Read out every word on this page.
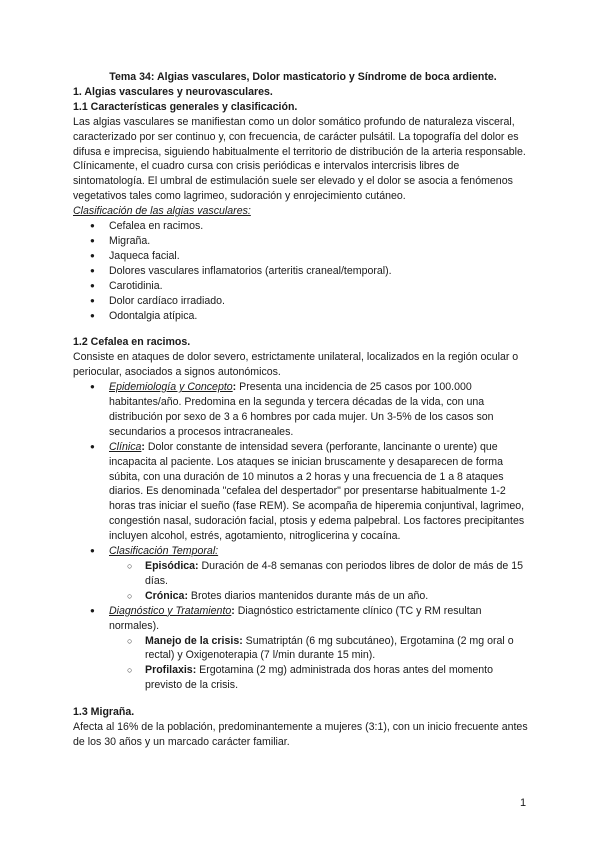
Tema 34: Algias vasculares, Dolor masticatorio y Síndrome de boca ardiente.
1. Algias vasculares y neurovasculares.
1.1 Características generales y clasificación.

Las algias vasculares se manifiestan como un dolor somático profundo de naturaleza visceral, caracterizado por ser continuo y, con frecuencia, de carácter pulsátil. La topografía del dolor es difusa e imprecisa, siguiendo habitualmente el territorio de distribución de la arteria responsable. Clínicamente, el cuadro cursa con crisis periódicas e intervalos intercrisis libres de sintomatología. El umbral de estimulación suele ser elevado y el dolor se asocia a fenómenos vegetativos tales como lagrimeo, sudoración y enrojecimiento cutáneo.

Clasificación de las algias vasculares:
● Cefalea en racimos.
● Migraña.
● Jaqueca facial.
● Dolores vasculares inflamatorios (arteritis craneal/temporal).
● Carotidinia.
● Dolor cardíaco irradiado.
● Odontalgia atípica.
1.2 Cefalea en racimos.

Consiste en ataques de dolor severo, estrictamente unilateral, localizados en la región ocular o periocular, asociados a signos autonómicos.

● Epidemiología y Concepto: Presenta una incidencia de 25 casos por 100.000 habitantes/año. Predomina en la segunda y tercera décadas de la vida, con una distribución por sexo de 3 a 6 hombres por cada mujer. Un 3-5% de los casos son secundarios a procesos intracraneales.
● Clínica: Dolor constante de intensidad severa (perforante, lancinante o urente) que incapacita al paciente. Los ataques se inician bruscamente y desaparecen de forma súbita, con una duración de 10 minutos a 2 horas y una frecuencia de 1 a 8 ataques diarios. Es denominada "cefalea del despertador" por presentarse habitualmente 1-2 horas tras iniciar el sueño (fase REM). Se acompaña de hiperemia conjuntival, lagrimeo, congestión nasal, sudoración facial, ptosis y edema palpebral. Los factores precipitantes incluyen alcohol, estrés, agotamiento, nitroglicerina y cocaína.
● Clasificación Temporal:
○ Episódica: Duración de 4-8 semanas con periodos libres de dolor de más de 15 días.
○ Crónica: Brotes diarios mantenidos durante más de un año.
● Diagnóstico y Tratamiento: Diagnóstico estrictamente clínico (TC y RM resultan normales).
○ Manejo de la crisis: Sumatriptán (6 mg subcutáneo), Ergotamina (2 mg oral o rectal) y Oxigenoterapia (7 l/min durante 15 min).
○ Profilaxis: Ergotamina (2 mg) administrada dos horas antes del momento previsto de la crisis.
1.3 Migraña.

Afecta al 16% de la población, predominantemente a mujeres (3:1), con un inicio frecuente antes de los 30 años y un marcado carácter familiar.

1
